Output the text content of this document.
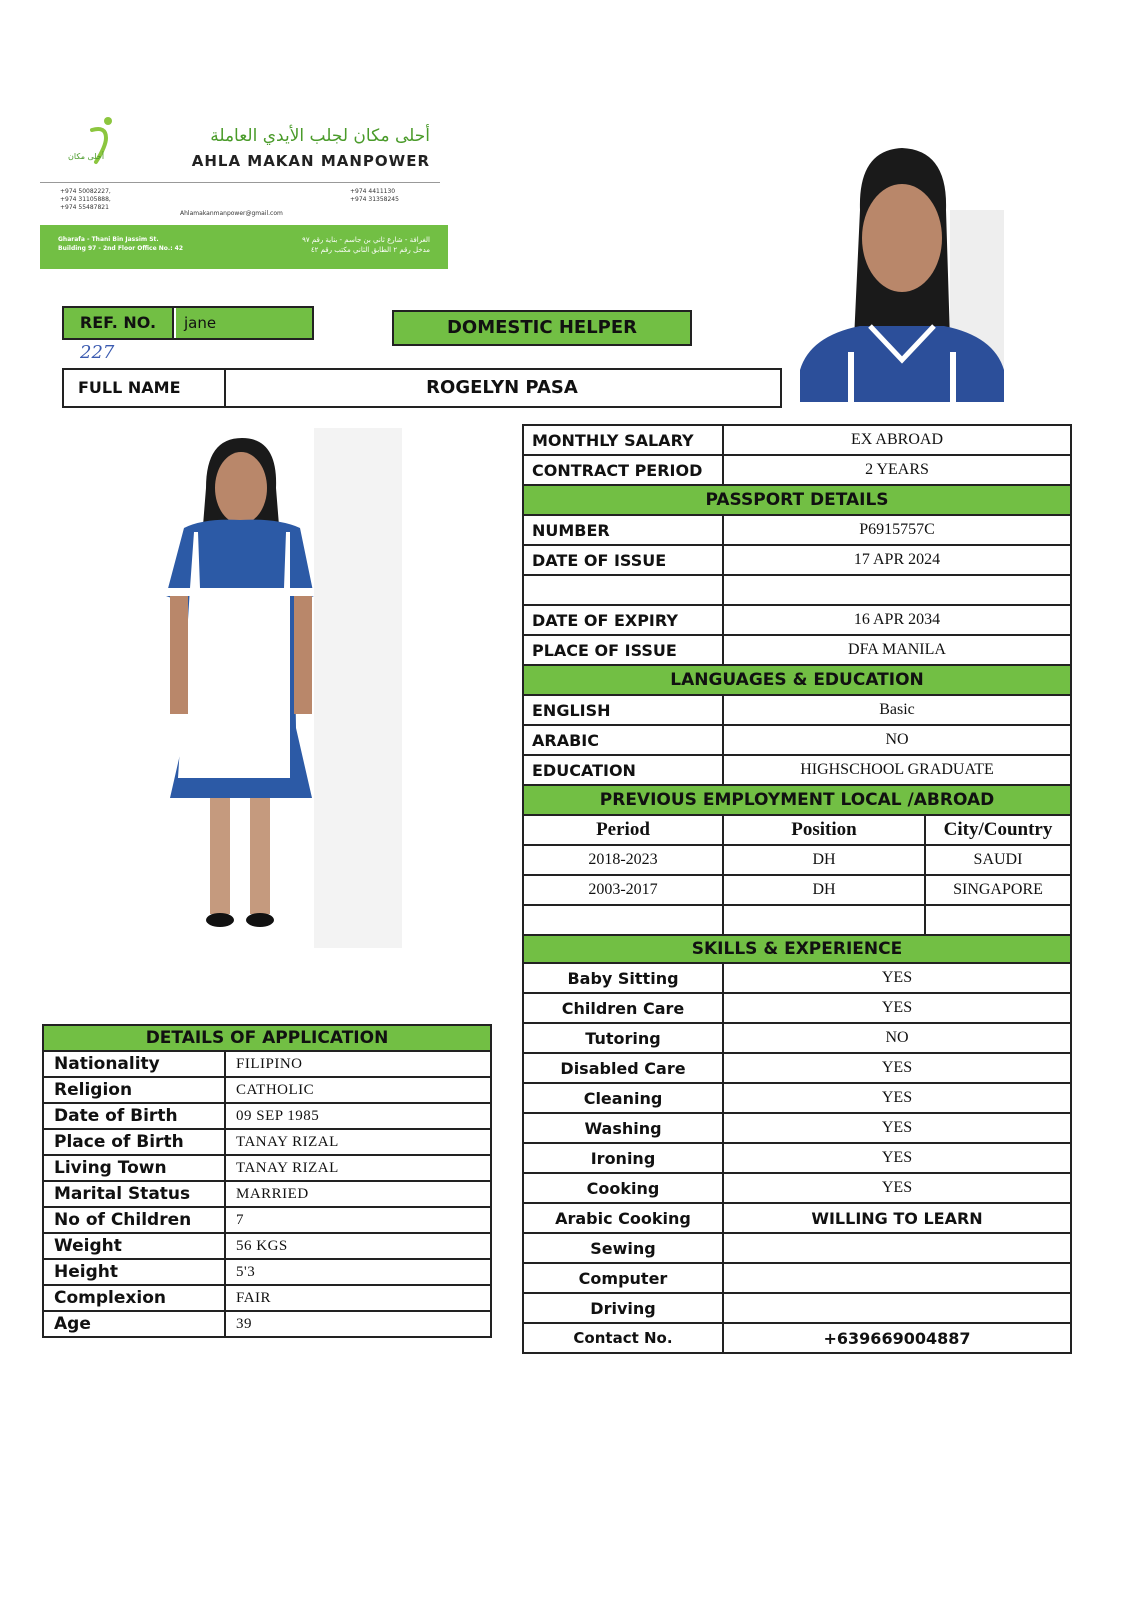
أحلى مكان لجلب الأيدي العاملة
AHLA MAKAN MANPOWER
أحلى مكان
+974 50082227,
+974 31105888,
+974 55487821
+974 4411130
+974 31358245
Ahlamakanmanpower@gmail.com
Gharafa - Thani Bin Jassim St.
Building 97 - 2nd Floor Office No.: 42
الغرافة - شارع ثاني بن جاسم - بناية رقم ٩٧
مدخل رقم ٢ الطابق الثاني مكتب رقم ٤٢
REF. NO.	jane
227
DOMESTIC HELPER
FULL NAME	ROGELYN PASA
MONTHLY SALARY	EX ABROAD	
CONTRACT PERIOD	2 YEARS	
PASSPORT DETAILS		
NUMBER	P6915757C	
DATE OF ISSUE	17 APR 2024	

DATE OF EXPIRY	16 APR 2034	
PLACE OF ISSUE	DFA MANILA	
LANGUAGES & EDUCATION		
ENGLISH	Basic	
ARABIC	NO	
EDUCATION	HIGHSCHOOL GRADUATE	
PREVIOUS EMPLOYMENT LOCAL /ABROAD		
Period	Position	City/Country
2018-2023	DH	SAUDI
2003-2017	DH	SINGAPORE

SKILLS & EXPERIENCE		
Baby Sitting	YES	
Children Care	YES	
Tutoring	NO	
Disabled Care	YES	
Cleaning	YES	
Washing	YES	
Ironing	YES	
Cooking	YES	
Arabic Cooking	WILLING TO LEARN	
Sewing		
Computer		
Driving		
Contact No.	+639669004887	
DETAILS OF APPLICATION	
Nationality	FILIPINO
Religion	CATHOLIC
Date of Birth	09 SEP 1985
Place of Birth	TANAY RIZAL
Living Town	TANAY RIZAL
Marital Status	MARRIED
No of Children	7
Weight	56 KGS
Height	5'3
Complexion	FAIR
Age	39
